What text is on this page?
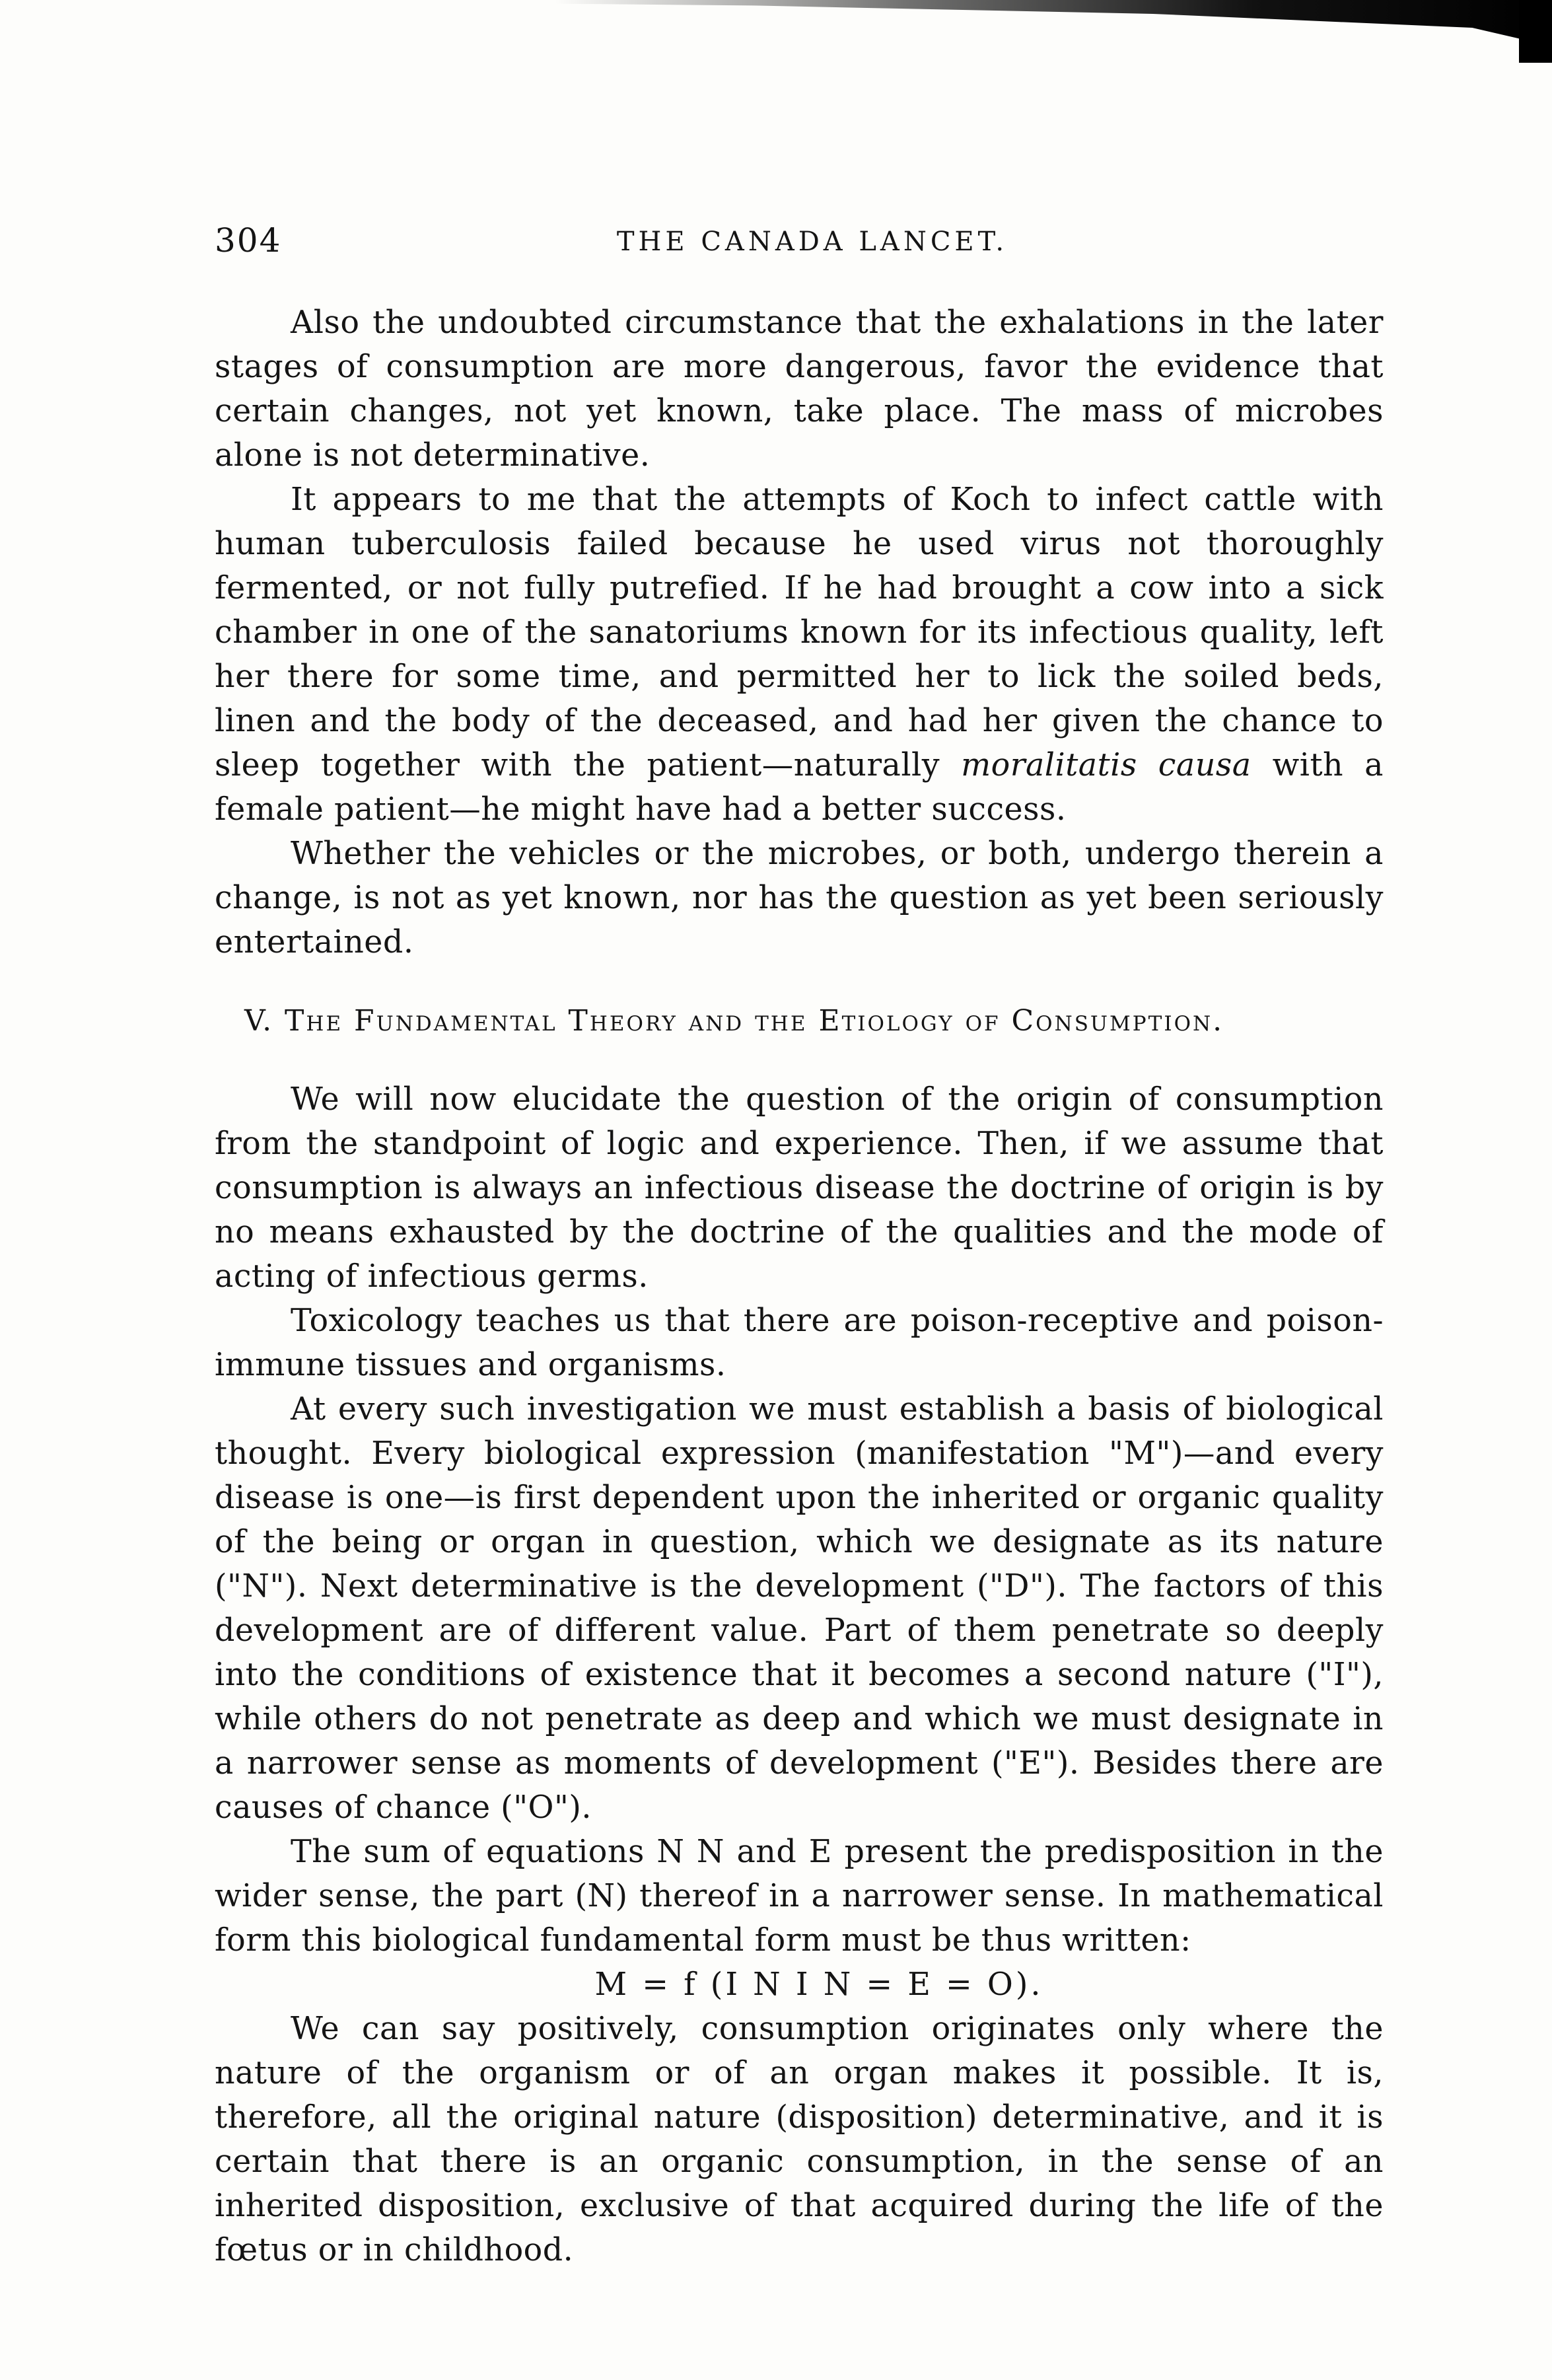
304	THE CANADA LANCET.

Also the undoubted circumstance that the exhalations in the later stages of consumption are more dangerous, favor the evidence that certain changes, not yet known, take place. The mass of microbes alone is not determinative.

It appears to me that the attempts of Koch to infect cattle with human tuberculosis failed because he used virus not thoroughly fermented, or not fully putrefied. If he had brought a cow into a sick chamber in one of the sanatoriums known for its infectious quality, left her there for some time, and permitted her to lick the soiled beds, linen and the body of the deceased, and had her given the chance to sleep together with the patient—naturally moralitatis causa with a female patient—he might have had a better success.

Whether the vehicles or the microbes, or both, undergo therein a change, is not as yet known, nor has the question as yet been seriously entertained.

V. The Fundamental Theory and the Etiology of Consumption.

We will now elucidate the question of the origin of consumption from the standpoint of logic and experience. Then, if we assume that consumption is always an infectious disease the doctrine of origin is by no means exhausted by the doctrine of the qualities and the mode of acting of infectious germs.

Toxicology teaches us that there are poison-receptive and poison-immune tissues and organisms.

At every such investigation we must establish a basis of biological thought. Every biological expression (manifestation "M")—and every disease is one—is first dependent upon the inherited or organic quality of the being or organ in question, which we designate as its nature ("N"). Next determinative is the development ("D"). The factors of this development are of different value. Part of them penetrate so deeply into the conditions of existence that it becomes a second nature ("I"), while others do not penetrate as deep and which we must designate in a narrower sense as moments of development ("E"). Besides there are causes of chance ("O").

The sum of equations N N and E present the predisposition in the wider sense, the part (N) thereof in a narrower sense. In mathematical form this biological fundamental form must be thus written:

M = f (I N I N = E = O).

We can say positively, consumption originates only where the nature of the organism or of an organ makes it possible. It is, therefore, all the original nature (disposition) determinative, and it is certain that there is an organic consumption, in the sense of an inherited disposition, exclusive of that acquired during the life of the fœtus or in childhood.
